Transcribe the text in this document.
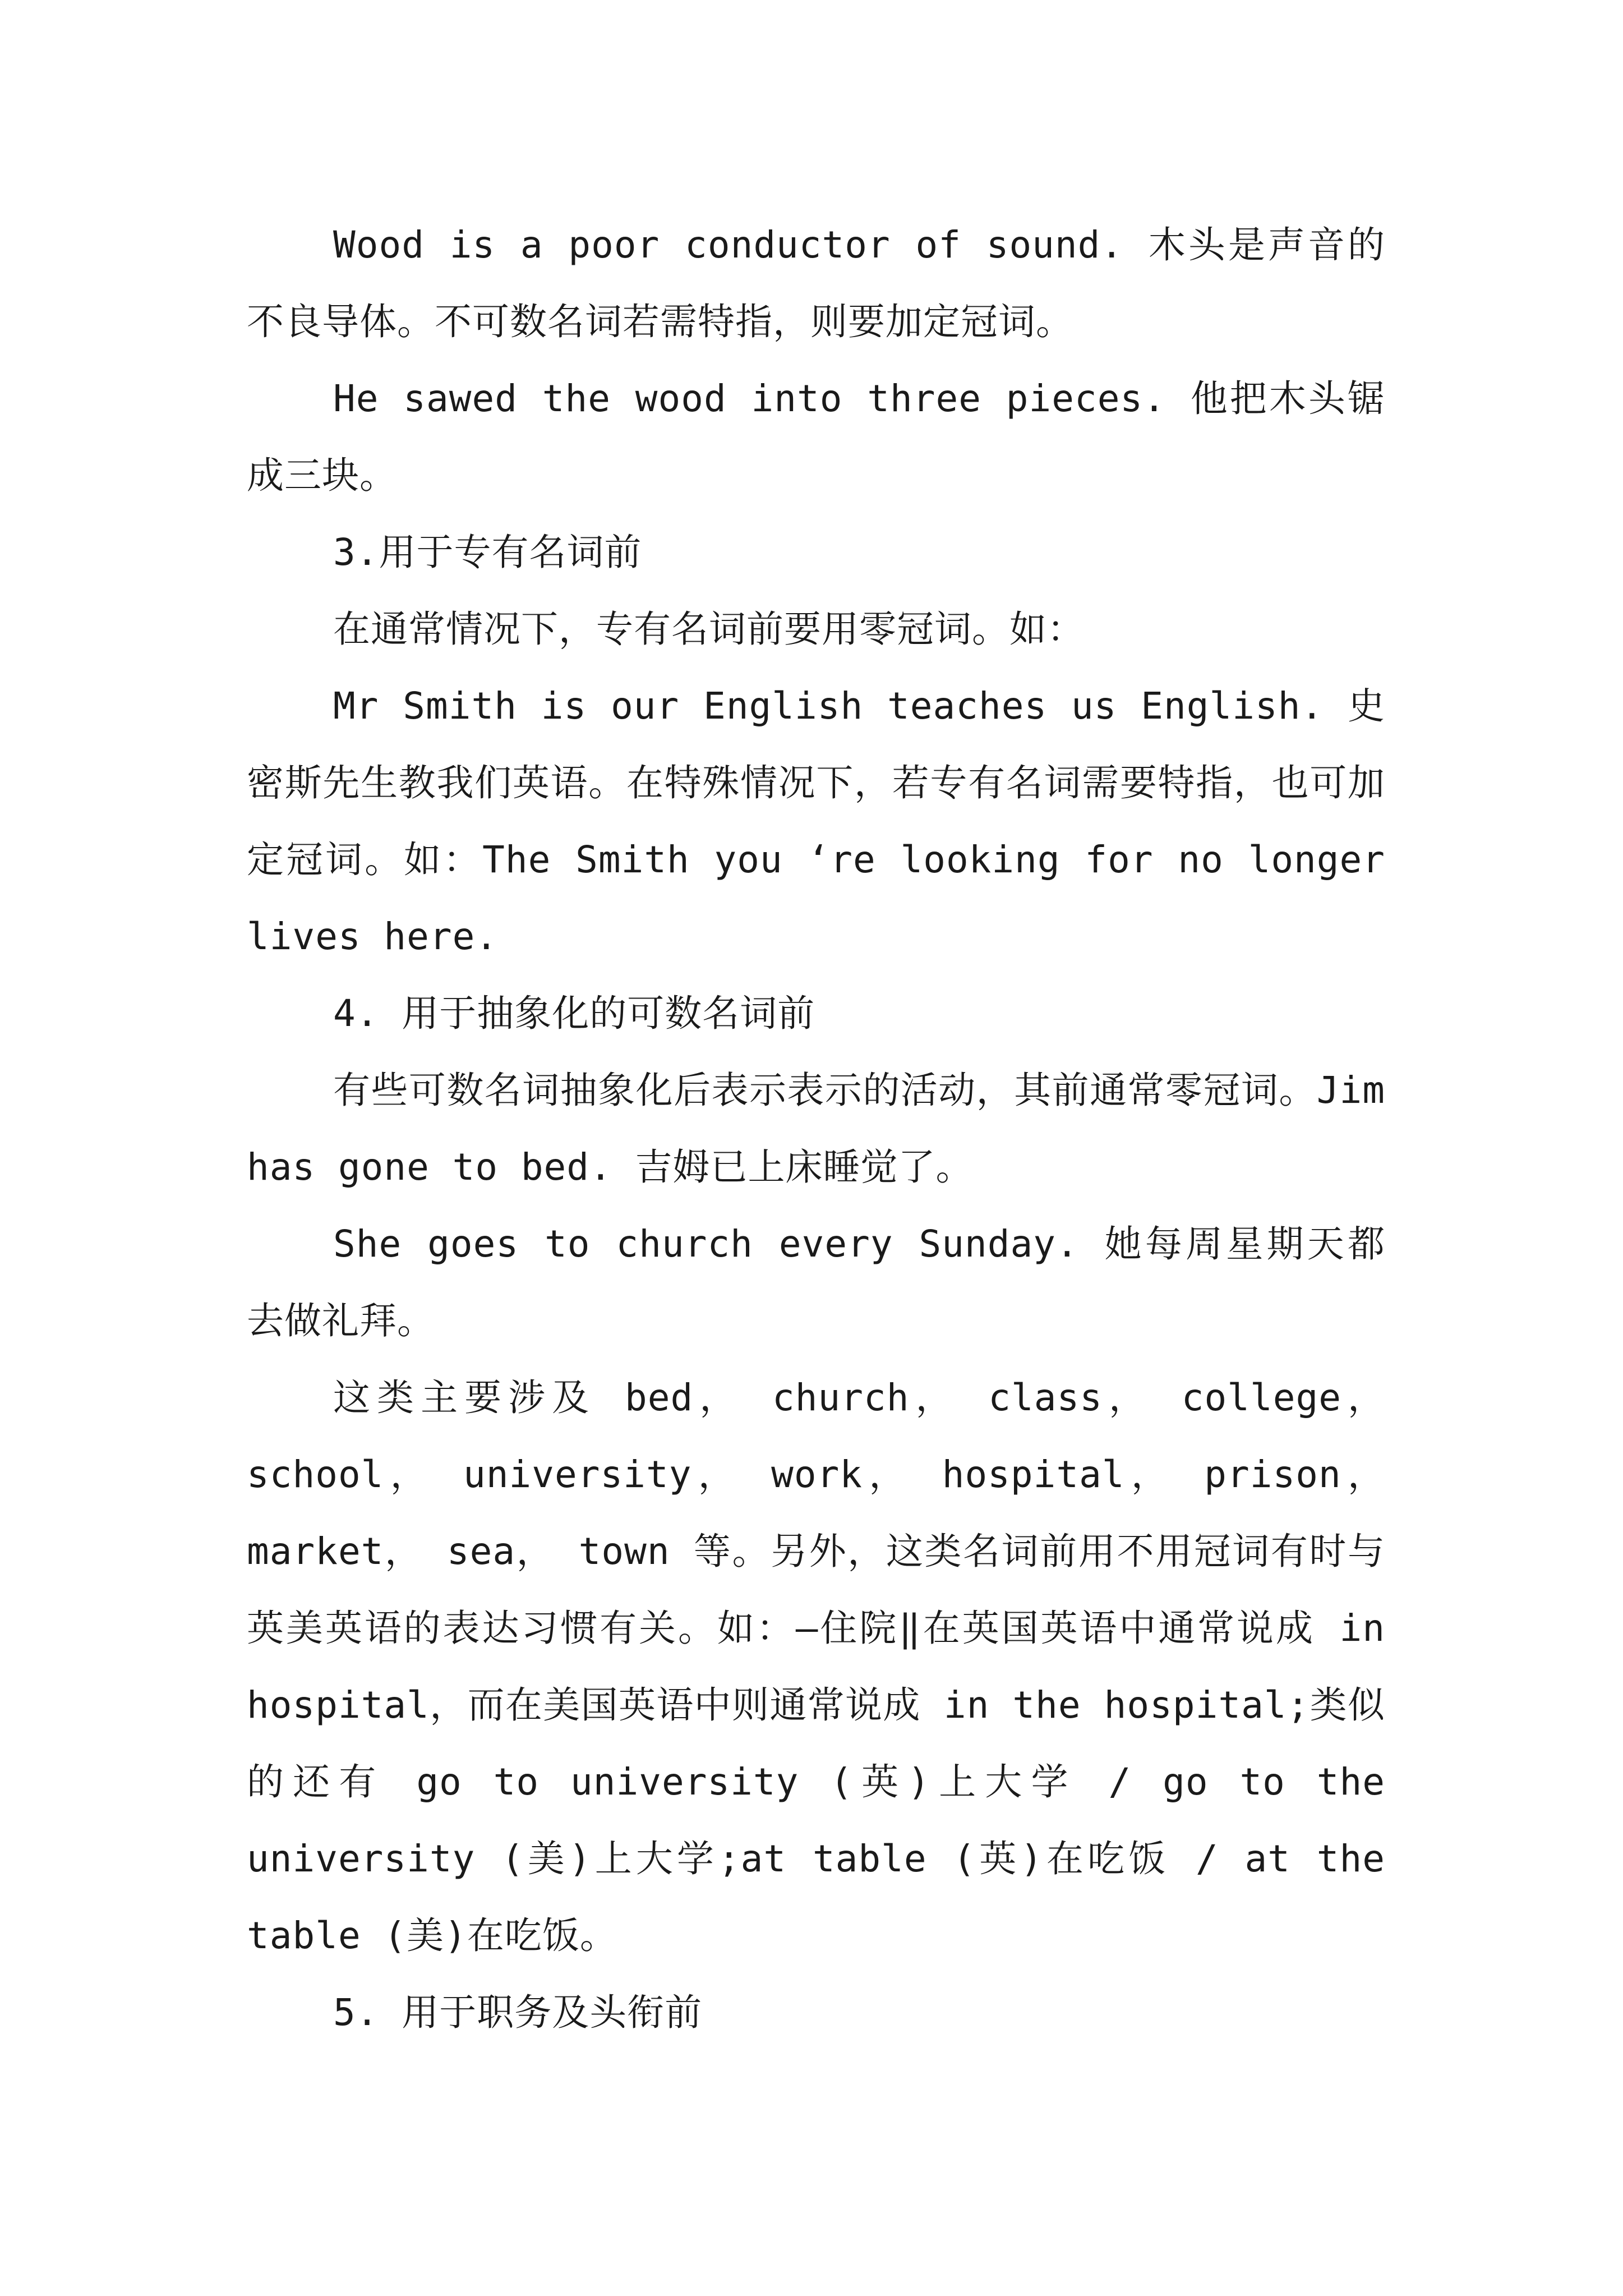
Wood is a poor conductor of sound. 木头是声音的不良导体。不可数名词若需特指，则要加定冠词。

He sawed the wood into three pieces. 他把木头锯成三块。

3.用于专有名词前

在通常情况下，专有名词前要用零冠词。如：

Mr Smith is our English teaches us English. 史密斯先生教我们英语。在特殊情况下，若专有名词需要特指，也可加定冠词。如：The Smith you ‘re looking for no longer lives here.

4. 用于抽象化的可数名词前

有些可数名词抽象化后表示表示的活动，其前通常零冠词。Jim has gone to bed. 吉姆已上床睡觉了。

She goes to church every Sunday. 她每周星期天都去做礼拜。

这类主要涉及 bed， church， class， college， school， university， work， hospital， prison， market， sea， town 等。另外，这类名词前用不用冠词有时与英美英语的表达习惯有关。如：―住院‖在英国英语中通常说成 in hospital，而在美国英语中则通常说成 in the hospital;类似的还有 go to university (英)上大学 / go to the university (美)上大学;at table (英)在吃饭 / at the table (美)在吃饭。

5. 用于职务及头衔前
